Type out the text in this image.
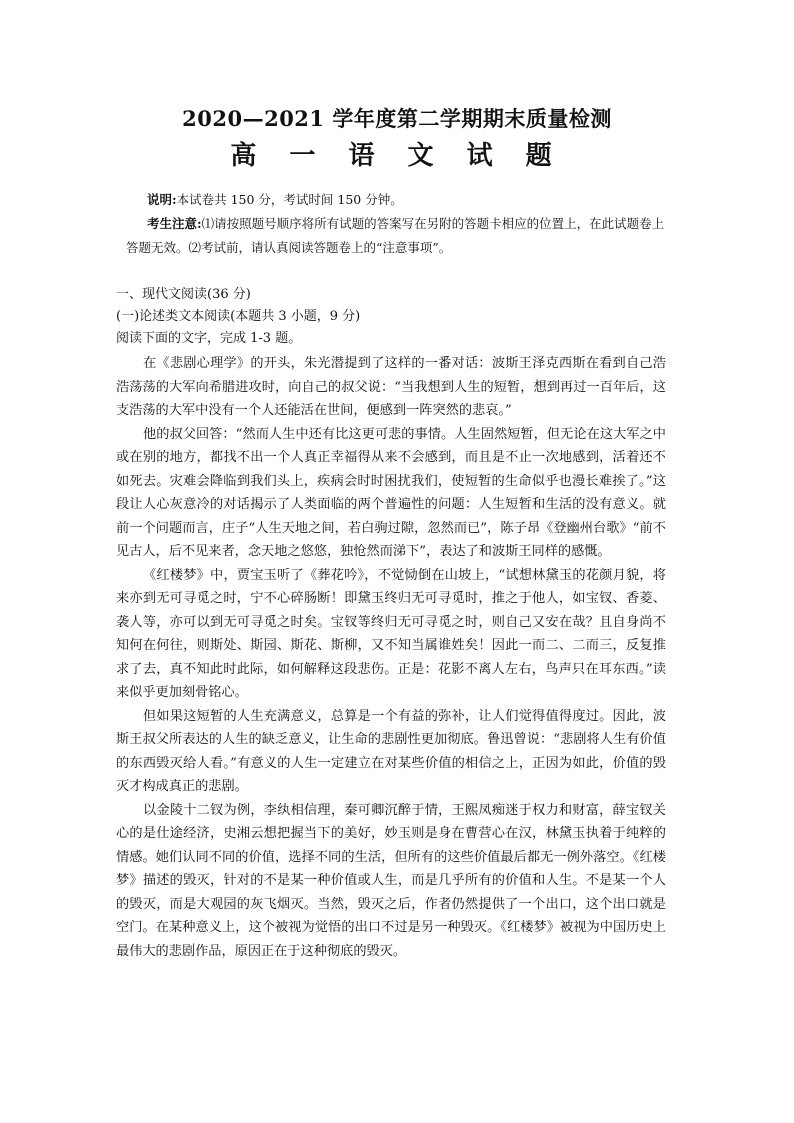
2020—2021 学年度第二学期期末质量检测
高 一 语 文 试 题

说明:本试卷共 150 分，考试时间 150 分钟。

考生注意:⑴请按照题号顺序将所有试题的答案写在另附的答题卡相应的位置上，在此试题卷上答题无效。⑵考试前，请认真阅读答题卷上的“注意事项”。

一、现代文阅读(36 分)

(一)论述类文本阅读(本题共 3 小题，9 分)

阅读下面的文字，完成 1-3 题。

在《悲剧心理学》的开头，朱光潜提到了这样的一番对话：波斯王泽克西斯在看到自己浩浩荡荡的大军向希腊进攻时，向自己的叔父说：“当我想到人生的短暂，想到再过一百年后，这支浩荡的大军中没有一个人还能活在世间，便感到一阵突然的悲哀。”

他的叔父回答：“然而人生中还有比这更可悲的事情。人生固然短暂，但无论在这大军之中或在别的地方，都找不出一个人真正幸福得从来不会感到，而且是不止一次地感到，活着还不如死去。灾难会降临到我们头上，疾病会时时困扰我们，使短暂的生命似乎也漫长难挨了。”这段让人心灰意冷的对话揭示了人类面临的两个普遍性的问题：人生短暂和生活的没有意义。就前一个问题而言，庄子“人生天地之间，若白驹过隙，忽然而已”，陈子昂《登幽州台歌》“前不见古人，后不见来者，念天地之悠悠，独怆然而涕下”，表达了和波斯王同样的感慨。

《红楼梦》中，贾宝玉听了《葬花吟》，不觉恸倒在山坡上，“试想林黛玉的花颜月貌，将来亦到无可寻觅之时，宁不心碎肠断！即黛玉终归无可寻觅时，推之于他人，如宝钗、香菱、袭人等，亦可以到无可寻觅之时矣。宝钗等终归无可寻觅之时，则自己又安在哉？且自身尚不知何在何往，则斯处、斯园、斯花、斯柳，又不知当属谁姓矣！因此一而二、二而三，反复推求了去，真不知此时此际，如何解释这段悲伤。正是：花影不离人左右，鸟声只在耳东西。”读来似乎更加刻骨铭心。

但如果这短暂的人生充满意义，总算是一个有益的弥补，让人们觉得值得度过。因此，波斯王叔父所表达的人生的缺乏意义，让生命的悲剧性更加彻底。鲁迅曾说：“悲剧将人生有价值的东西毁灭给人看。”有意义的人生一定建立在对某些价值的相信之上，正因为如此，价值的毁灭才构成真正的悲剧。

以金陵十二钗为例，李纨相信理，秦可卿沉醉于情，王熙凤痴迷于权力和财富，薛宝钗关心的是仕途经济，史湘云想把握当下的美好，妙玉则是身在曹营心在汉，林黛玉执着于纯粹的情感。她们认同不同的价值，选择不同的生活，但所有的这些价值最后都无一例外落空。《红楼梦》描述的毁灭，针对的不是某一种价值或人生，而是几乎所有的价值和人生。不是某一个人的毁灭，而是大观园的灰飞烟灭。当然，毁灭之后，作者仍然提供了一个出口，这个出口就是空门。在某种意义上，这个被视为觉悟的出口不过是另一种毁灭。《红楼梦》被视为中国历史上最伟大的悲剧作品，原因正在于这种彻底的毁灭。
